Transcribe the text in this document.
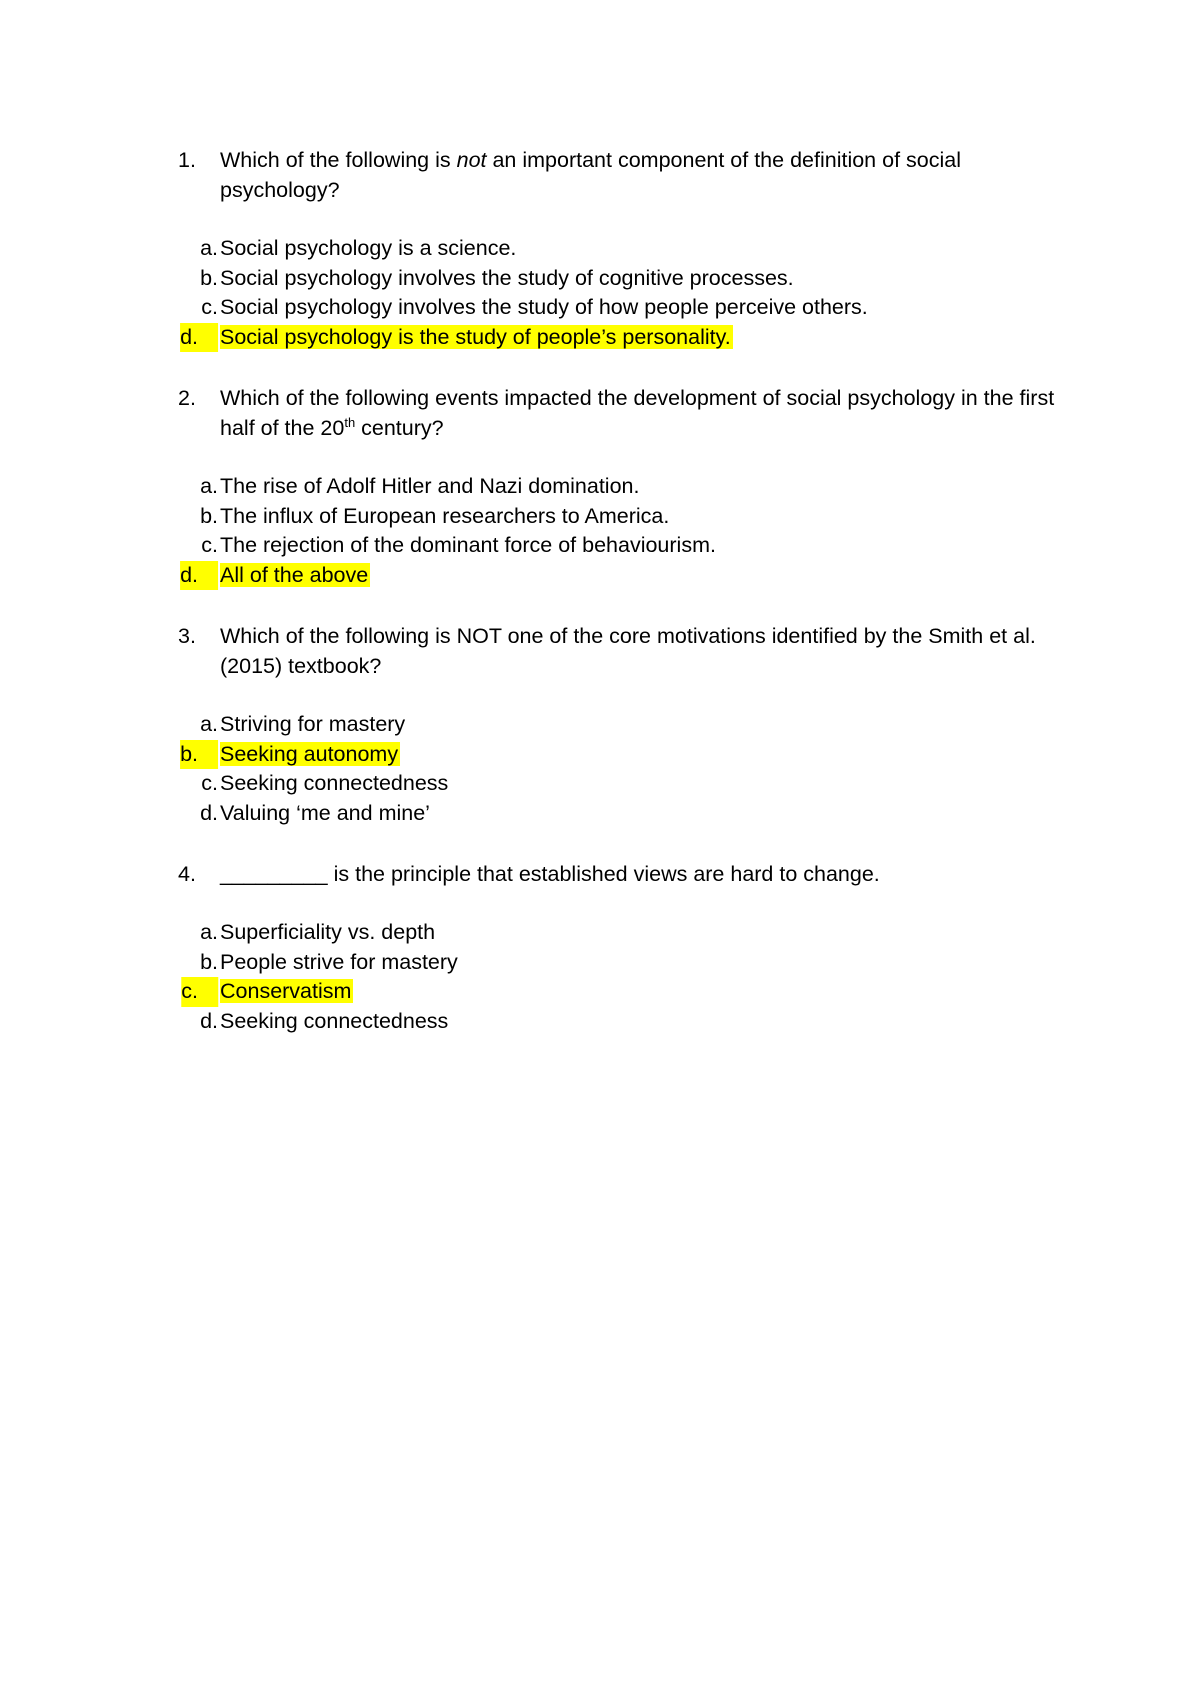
1. Which of the following is not an important component of the definition of social psychology?
a. Social psychology is a science.
b. Social psychology involves the study of cognitive processes.
c. Social psychology involves the study of how people perceive others.
d.	Social psychology is the study of people’s personality.
2. Which of the following events impacted the development of social psychology in the first half of the 20th century?
a. The rise of Adolf Hitler and Nazi domination.
b. The influx of European researchers to America.
c. The rejection of the dominant force of behaviourism.
d.	All of the above
3. Which of the following is NOT one of the core motivations identified by the Smith et al. (2015) textbook?
a. Striving for mastery
b.	Seeking autonomy
c. Seeking connectedness
d. Valuing ‘me and mine’
4. _________ is the principle that established views are hard to change.
a. Superficiality vs. depth
b. People strive for mastery
c.	Conservatism
d. Seeking connectedness
